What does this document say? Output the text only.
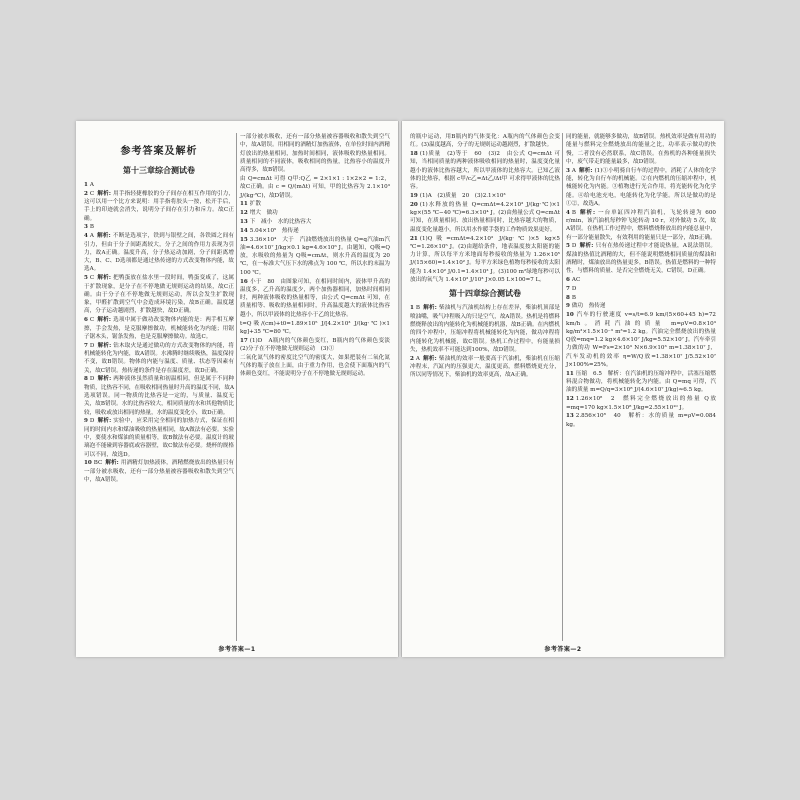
参考答案及解析
第十三章综合测试卷
1 A
2 C 解析: 用手指轻捷橡胶的分子间存在相互作用的引力，这可以用一个比方来说明：用手指将胶头一按，松开手后，手上的印迹就会消失，说明分子间存在引力和斥力。故C正确。
3 B
4 A 解析: 不断是选项字，铁到与银壁之间，各铁圆之间有引力，但由于分子间距离较大，分子之间的作用力表现为引力，故A正确。温度升高，分子热运动加剧，分子间距离增大，B、C、D选项都是通过热传递的方式改变物体内能，故选A。
5 C 解析: 把鸭蛋放在盐水里一段时间，鸭蛋变咸了，这属于扩散现象，是分子在不停地做无规则运动的结果，故C正确。由于分子在不停地做无规则运动，所以会发生扩散现象，甲醛扩散到空气中会造成环境污染，故B正确。温度越高，分子运动越剧烈，扩散越快，故D正确。
6 C 解析: 选项中属于做功改变物体内能的是：两手相互摩擦，手会发热，是克服摩擦做功，机械能转化为内能；用锯子锯木头，锯条发热，也是克服摩擦做功。故选C。
7 D 解析: 钻木取火是通过做功的方式改变物体的内能，将机械能转化为内能，故A错误。水沸腾时继续吸热，温度保持不变，故B错误。物体的内能与温度、质量、状态等因素有关，故C错误。热传递的条件是存在温度差，故D正确。
8 D 解析: 两种液体虽然质量和初温相同，但是属于不同种物质，比热容不同，在吸收相同热量时升高的温度不同，故A选项错误。同一物质的比热容是一定的，与质量、温度无关，故B错误。水的比热容较大，相同质量的水和其他物质比较，吸收或放出相同的热量，水的温度变化小，故D正确。
9 D 解析: 实验中，应采用完全相同的加热方式，保证在相同的时间内水和煤油吸收的热量相同，故A做法有必要。实验中，要使水和煤油的质量相等，故B做法有必要。温度计的玻璃泡不能碰到容器底或容器壁，故C做法有必要。烧杯的规格可以不同，故选D。
10 BC 解析: 用酒精灯加热液体，酒精燃烧放出的热量只有一部分被水吸收，还有一部分热量被容器吸收和散失到空气中，故A错误。
一部分被水吸收，还有一部分热量被容器吸收和散失到空气中，故A错误。用相同的酒精灯加热液体，在单位时间内酒精灯放出的热量相同，加热时间相同，液体吸收的热量相同。质量相同的不同液体，吸收相同的热量，比热容小的温度升高得多，故B错误。
由 Q=cmΔt 可得 Q甲:Q乙 = 2×1×1 : 1×2×2 = 1:2，故C正确。由 c = Q/(mΔt) 可知，甲的比热容为 2.1×10³ J/(kg·℃)，故D错误。
11 扩散
12 增大　做功
13 下　减小　水的比热容大
14 5.04×10⁵　热传递
15 3.36×10⁴　大于　汽油燃烧放出的热量 Q=q汽油m汽油=4.6×10⁷ J/kg×0.1 kg=4.6×10⁶ J。由题知，Q吸=Q放，水吸收的热量为 Q吸=cmΔt，则水升高的温度为 20 ℃，在一标准大气压下水的沸点为 100 ℃，所以水的末温为 100 ℃。
16 小于　80　由图象可知，在相同时间内，液体甲升高的温度多，乙升高的温度少，两个加热器相同，加热时间相同时，两种液体吸收的热量相等，由公式 Q=cmΔt 可知，在质量相等、吸收的热量相同时，升高温度越大的液体比热容越小，所以甲液体的比热容小于乙的比热容。
t=Q吸/(cm)+t0=1.89×10⁵ J/[4.2×10³ J/(kg·℃)×1 kg]+35 ℃=80 ℃。
17 (1)D　A瓶内的气体颜色变红，B瓶内的气体颜色变淡　(2)分子在不停地做无规则运动　(3)①
二氧化氮气体的密度比空气的密度大，如果把装有二氧化氮气体的瓶子放在上面，由于重力作用，也会使下面瓶内的气体颜色变红，不能说明分子在不停地做无规则运动。
参考答案—1
的瓶中运动，用B瓶内的气体变化：A瓶内的气体颜色会变红。(3)温度越高，分子的无规则运动越剧烈，扩散越快。
18 (1)质量　(2)等于　60　(3)2　由公式 Q=cmΔt 可知，当相同质量的两种液体吸收相同的热量时，温度变化量越小的液体比热容越大，所以甲液体的比热容大。已知乙液体的比热容，根据 c甲/c乙=Δt乙/Δt甲 可求得甲液体的比热容。
19 (1)A　(2)质量　20　(3)2.1×10³
20 (1)水释放的热量 Q=cmΔt=4.2×10³ J/(kg·℃)×1 kg×(55 ℃−40 ℃)=6.3×10⁴ J。(2)由热量公式 Q=cmΔt 可知，在质量相同、放出热量相同时，比热容越大的物质，温度变化量越小，所以用水作暖手袋的工作物质效果更好。
21 (1)Q吸=cmΔt=4.2×10³ J/(kg·℃)×5 kg×5 ℃=1.26×10⁵ J。(2)由题给条件，地表温度按太阳能的能力计算，所以每平方米地面每秒接收的热量为 1.26×10⁵ J/(15×60)=1.4×10² J。每平方米绿色植物每秒接收的太阳能为 1.4×10² J/0.1=1.4×10³ J。(3)100 m²绿地每秒可以放出的氧气为 1.4×10³ J/10³ J×0.05 L×100=7 L。
第十四章综合测试卷
1 B 解析: 柴油机与汽油机结构上存在差异，柴油机顶部是喷油嘴，吸气冲程吸入的只是空气，故A错误。热机是将燃料燃烧释放出的内能转化为机械能的机器，故B正确。在内燃机的四个冲程中，压缩冲程将机械能转化为内能，做功冲程将内能转化为机械能，故C错误。热机工作过程中，有能量损失，热机效率不可能达到100%，故D错误。
2 A 解析: 柴油机的效率一般要高于汽油机，柴油机在压缩冲程末，汽缸内的压强更大，温度更高，燃料燃烧更充分，所以同等情况下，柴油机的效率更高，故A正确。
同的能量，就能够多做功，故B错误。热机效率是做有用功的能量与燃料完全燃烧放出的能量之比，功率表示做功的快慢，二者没有必然联系，故C错误。在热机的各种能量损失中，废气带走的能量最多，故D错误。
3 A 解析: (1)①小明骑自行车的过程中，消耗了人体的化学能，转化为自行车的机械能。②在内燃机的压缩冲程中，机械能转化为内能。③植物进行光合作用，将光能转化为化学能。④给电池充电，电能转化为化学能。所以是做功的是①②，故选A。
4 B 解析: 一台单缸四冲程汽油机，飞轮转速为 600 r/min，该汽油机每秒钟飞轮转动 10 r，对外做功 5 次，故A错误。在热机工作过程中，燃料燃烧释放出的内能总量中，有一部分能量散失，有效利用的能量只是一部分，故B正确。
5 D 解析: 只有在热传递过程中才能说热量，A说法错误。煤油的热值比酒精的大，但不能说明燃烧相同质量的煤油和酒精时，煤油放出的热量更多，B错误。热值是燃料的一种特性，与燃料的质量、是否完全燃烧无关，C错误，D正确。
6 AC
7 D
8 B
9 做功　热传递
10 汽车的行驶速度 v=s/t=6.9 km/(5×60+45 h)=72 km/h。消耗汽油的质量 m=ρV=0.8×10³ kg/m³×1.5×10⁻³ m³=1.2 kg。汽油完全燃烧放出的热量 Q放=mq=1.2 kg×4.6×10⁷ J/kg=5.52×10⁷ J。汽车牵引力做的功 W=Fs=2×10³ N×6.9×10³ m=1.38×10⁷ J，汽车发动机的效率 η=W/Q放=1.38×10⁷ J/5.52×10⁷ J×100%=25%。
11 压缩　6.5　解析：在汽油机的压缩冲程中，活塞压缩燃料混合物做功，将机械能转化为内能。由 Q=mq 可得，汽油的质量 m=Q/q=3×10⁸ J/(4.6×10⁷ J/kg)≈6.5 kg。
12 1.26×10⁸　2　燃料完全燃烧放出的热量 Q放=mq=170 kg×1.5×10⁸ J/kg=2.55×10¹⁰ J。
13 2.856×10⁸　40　解析：水的质量 m=ρV=0.084 kg。
参考答案—2
